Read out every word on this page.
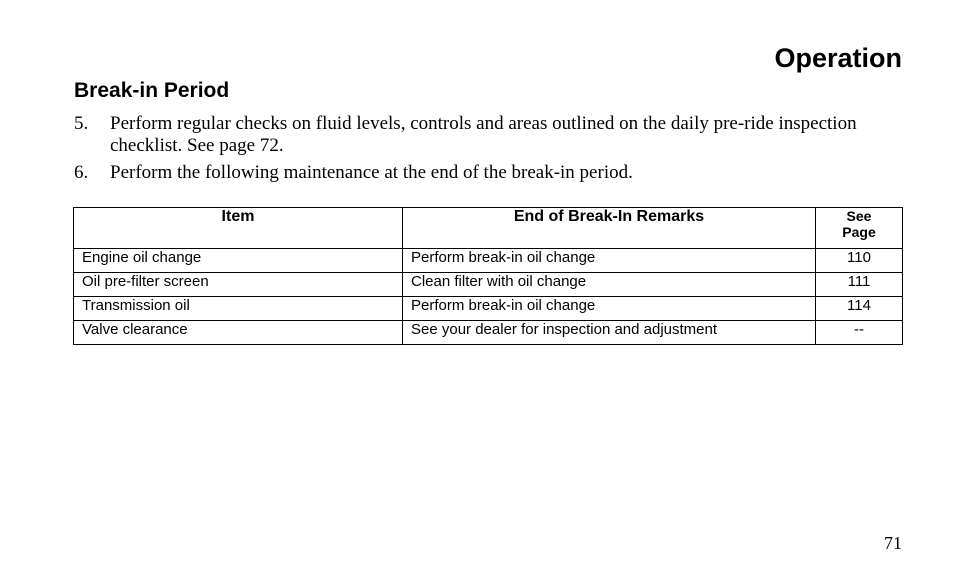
Operation
Break-in Period
5.	Perform regular checks on fluid levels, controls and areas outlined on the daily pre-ride inspection checklist. See page 72.
6.	Perform the following maintenance at the end of the break-in period.
Item	End of Break-In Remarks	See
Page
Engine oil change	Perform break-in oil change	110
Oil pre-filter screen	Clean filter with oil change	111
Transmission oil	Perform break-in oil change	114
Valve clearance	See your dealer for inspection and adjustment	--

71
